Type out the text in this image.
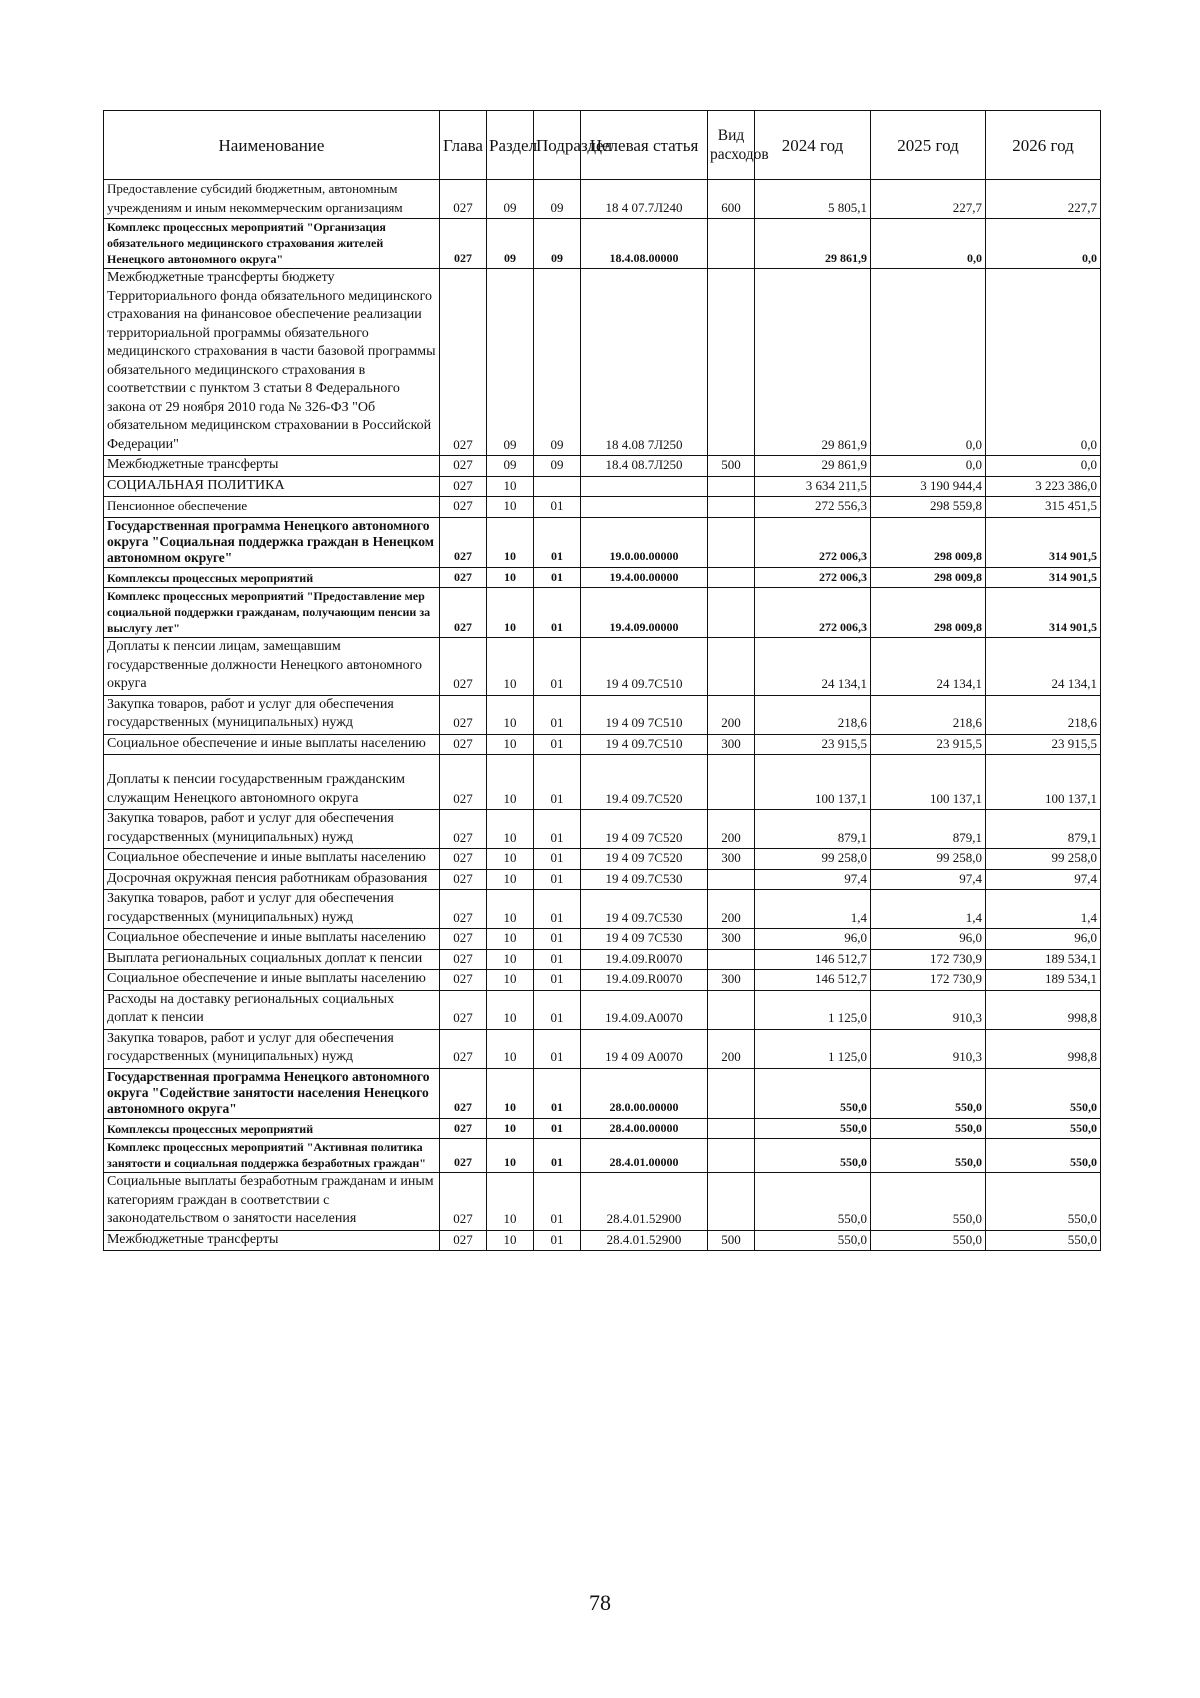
Наименование	Глава	Раздел	Подраздел	Целевая статья	Вид расходов	2024 год	2025 год	2026 год
Предоставление субсидий бюджетным, автономным учреждениям и иным некоммерческим организациям	027	09	09	18 4 07.7Л240	600	5 805,1	227,7	227,7
Комплекс процессных мероприятий "Организация обязательного медицинского страхования жителей Ненецкого автономного округа"	027	09	09	18.4.08.00000		29 861,9	0,0	0,0
Межбюджетные трансферты бюджету Территориального фонда обязательного медицинского страхования на финансовое обеспечение реализации территориальной программы обязательного медицинского страхования в части базовой программы обязательного медицинского страхования в соответствии с пунктом 3 статьи 8 Федерального закона от 29 ноября 2010 года № 326-ФЗ "Об обязательном медицинском страховании в Российской Федерации"	027	09	09	18 4.08 7Л250		29 861,9	0,0	0,0
Межбюджетные трансферты	027	09	09	18.4 08.7Л250	500	29 861,9	0,0	0,0
СОЦИАЛЬНАЯ ПОЛИТИКА	027	10				3 634 211,5	3 190 944,4	3 223 386,0
Пенсионное обеспечение	027	10	01			272 556,3	298 559,8	315 451,5
Государственная программа Ненецкого автономного округа "Социальная поддержка граждан в Ненецком автономном округе"	027	10	01	19.0.00.00000		272 006,3	298 009,8	314 901,5
Комплексы процессных мероприятий	027	10	01	19.4.00.00000		272 006,3	298 009,8	314 901,5
Комплекс процессных мероприятий "Предоставление мер социальной поддержки гражданам, получающим пенсии за выслугу лет"	027	10	01	19.4.09.00000		272 006,3	298 009,8	314 901,5
Доплаты к пенсии лицам, замещавшим государственные должности Ненецкого автономного округа	027	10	01	19 4 09.7С510		24 134,1	24 134,1	24 134,1
Закупка товаров, работ и услуг для обеспечения государственных (муниципальных) нужд	027	10	01	19 4 09 7С510	200	218,6	218,6	218,6
Социальное обеспечение и иные выплаты населению	027	10	01	19 4 09.7С510	300	23 915,5	23 915,5	23 915,5
Доплаты к пенсии государственным гражданским служащим Ненецкого автономного округа	027	10	01	19.4 09.7С520		100 137,1	100 137,1	100 137,1
Закупка товаров, работ и услуг для обеспечения государственных (муниципальных) нужд	027	10	01	19 4 09 7С520	200	879,1	879,1	879,1
Социальное обеспечение и иные выплаты населению	027	10	01	19 4 09 7С520	300	99 258,0	99 258,0	99 258,0
Досрочная окружная пенсия работникам образования	027	10	01	19 4 09.7С530		97,4	97,4	97,4
Закупка товаров, работ и услуг для обеспечения государственных (муниципальных) нужд	027	10	01	19 4 09.7С530	200	1,4	1,4	1,4
Социальное обеспечение и иные выплаты населению	027	10	01	19 4 09 7С530	300	96,0	96,0	96,0
Выплата региональных социальных доплат к пенсии	027	10	01	19.4.09.R0070		146 512,7	172 730,9	189 534,1
Социальное обеспечение и иные выплаты населению	027	10	01	19.4.09.R0070	300	146 512,7	172 730,9	189 534,1
Расходы на доставку региональных социальных доплат к пенсии	027	10	01	19.4.09.А0070		1 125,0	910,3	998,8
Закупка товаров, работ и услуг для обеспечения государственных (муниципальных) нужд	027	10	01	19 4 09 А0070	200	1 125,0	910,3	998,8
Государственная программа Ненецкого автономного округа "Содействие занятости населения Ненецкого автономного округа"	027	10	01	28.0.00.00000		550,0	550,0	550,0
Комплексы процессных мероприятий	027	10	01	28.4.00.00000		550,0	550,0	550,0
Комплекс процессных мероприятий "Активная политика занятости и социальная поддержка безработных граждан"	027	10	01	28.4.01.00000		550,0	550,0	550,0
Социальные выплаты безработным гражданам и иным категориям граждан в соответствии с законодательством о занятости населения	027	10	01	28.4.01.52900		550,0	550,0	550,0
Межбюджетные трансферты	027	10	01	28.4.01.52900	500	550,0	550,0	550,0
78
